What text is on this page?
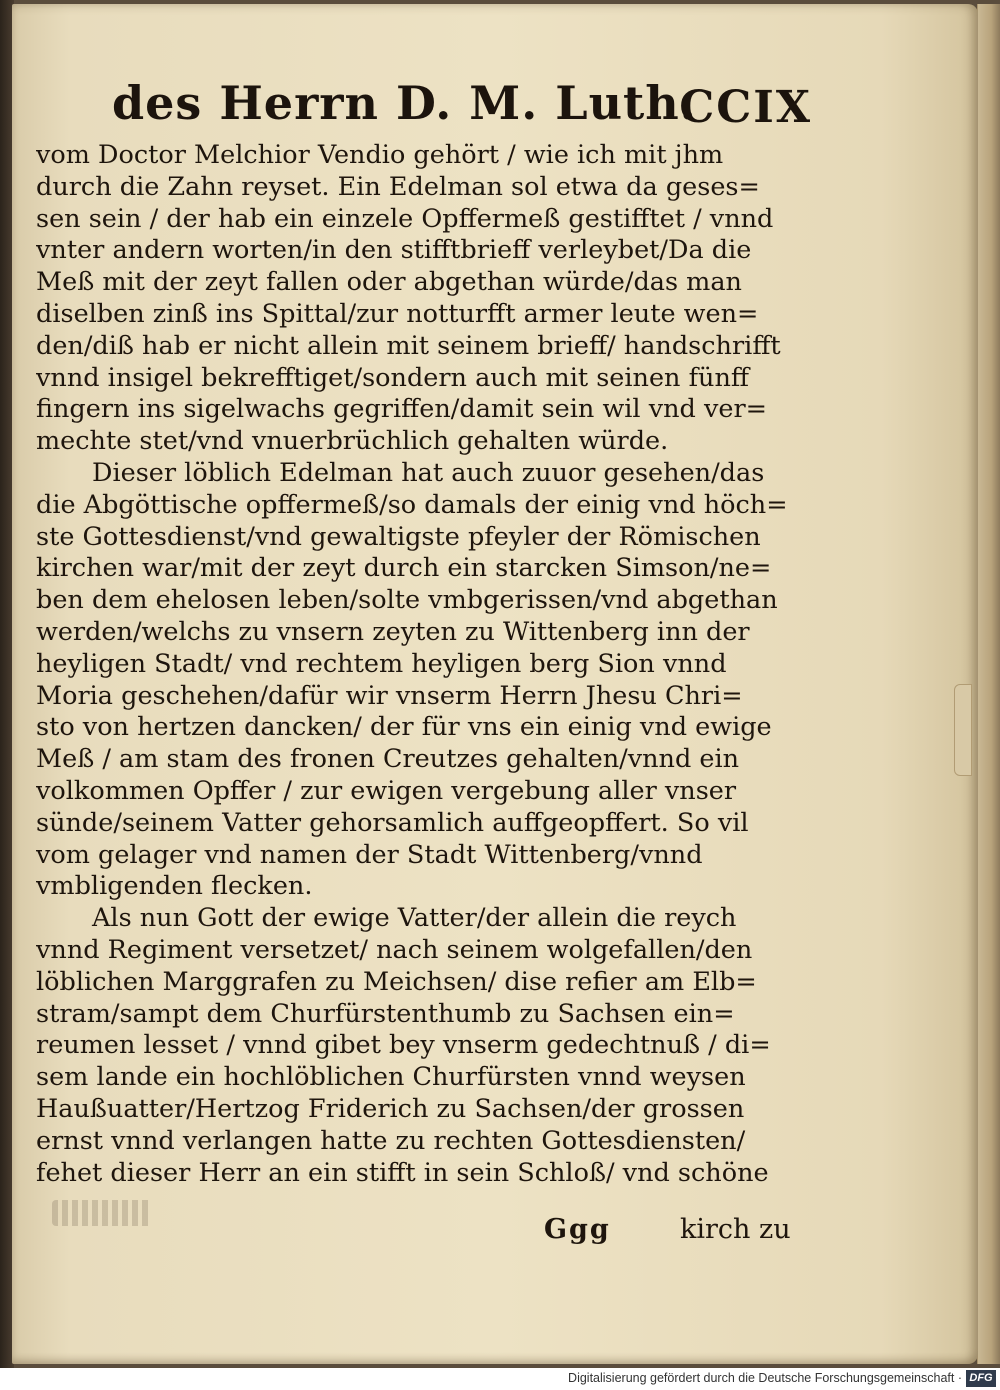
des Herrn D. M. Luth.
CCIX
vom Doctor Melchior Vendio gehört / wie ich mit jhm
durch die Zahn reyset. Ein Edelman sol etwa da geses=
sen sein / der hab ein einzele Opffermeß gestifftet / vnnd
vnter andern worten/in den stifftbrieff verleybet/Da die
Meß mit der zeyt fallen oder abgethan würde/das man
diselben zinß ins Spittal/zur notturfft armer leute wen=
den/diß hab er nicht allein mit seinem brieff/ handschrifft
vnnd insigel bekrefftiget/sondern auch mit seinen fünff
fingern ins sigelwachs gegriffen/damit sein wil vnd ver=
mechte stet/vnd vnuerbrüchlich gehalten würde.
Dieser löblich Edelman hat auch zuuor gesehen/das
die Abgöttische opffermeß/so damals der einig vnd höch=
ste Gottesdienst/vnd gewaltigste pfeyler der Römischen
kirchen war/mit der zeyt durch ein starcken Simson/ne=
ben dem ehelosen leben/solte vmbgerissen/vnd abgethan
werden/welchs zu vnsern zeyten zu Wittenberg inn der
heyligen Stadt/ vnd rechtem heyligen berg Sion vnnd
Moria geschehen/dafür wir vnserm Herrn Jhesu Chri=
sto von hertzen dancken/ der für vns ein einig vnd ewige
Meß / am stam des fronen Creutzes gehalten/vnnd ein
volkommen Opffer / zur ewigen vergebung aller vnser
sünde/seinem Vatter gehorsamlich auffgeopffert. So vil
vom gelager vnd namen der Stadt Wittenberg/vnnd
vmbligenden flecken.
Als nun Gott der ewige Vatter/der allein die reych
vnnd Regiment versetzet/ nach seinem wolgefallen/den
löblichen Marggrafen zu Meichsen/ dise refier am Elb=
stram/sampt dem Churfürstenthumb zu Sachsen ein=
reumen lesset / vnnd gibet bey vnserm gedechtnuß / di=
sem lande ein hochlöblichen Churfürsten vnnd weysen
Haußuatter/Hertzog Friderich zu Sachsen/der grossen
ernst vnnd verlangen hatte zu rechten Gottesdiensten/
fehet dieser Herr an ein stifft in sein Schloß/ vnd schöne
Ggg	kirch zu
Digitalisierung gefördert durch die Deutsche Forschungsgemeinschaft · DFG
